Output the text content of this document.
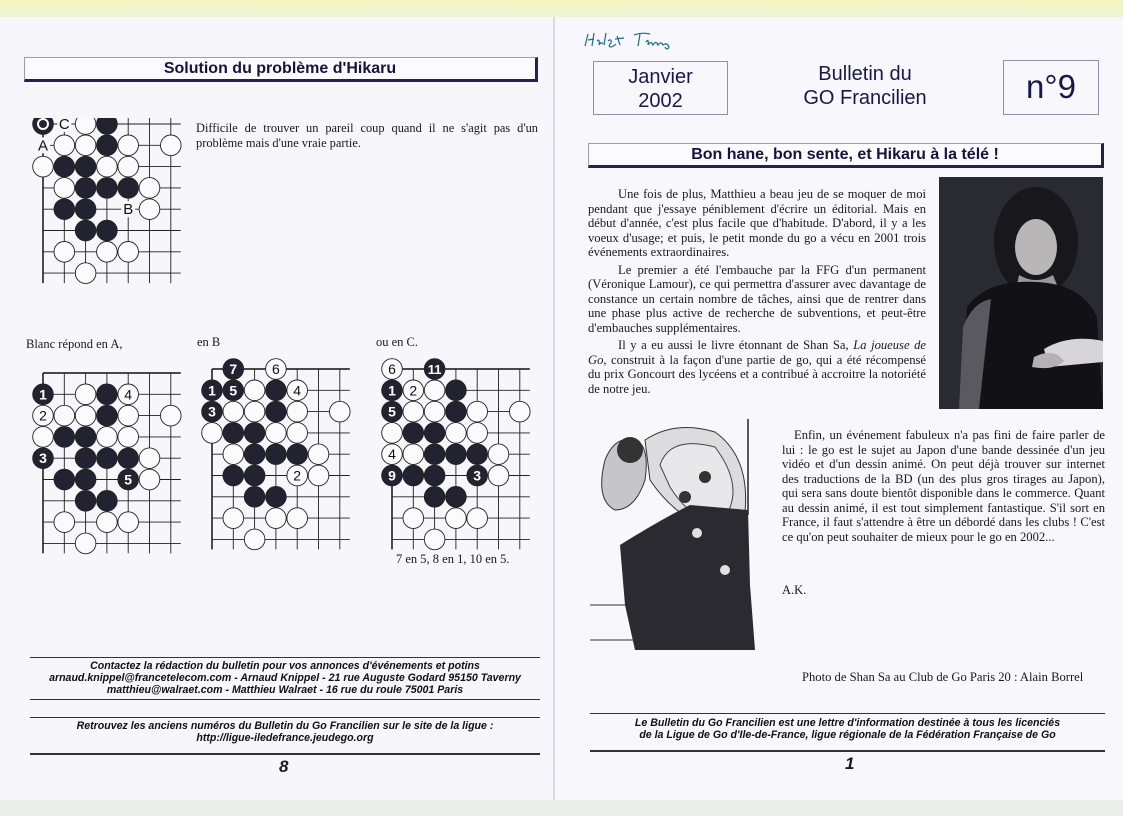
Solution du problème d'Hikaru
C
A
B
Difficile de trouver un pareil coup quand il ne s'agit pas d'un problème mais d'une vraie partie.
Blanc répond en A,	en B	ou en C.
1	4
2
3
5
7 6
1 5	4
3
2
6 11
1 2
5
4
9	3
7 en 5, 8 en 1, 10 en 5.
Contactez la rédaction du bulletin pour vos annonces d'événements et potins
arnaud.knippel@francetelecom.com - Arnaud Knippel - 21 rue Auguste Godard 95150 Taverny
matthieu@walraet.com - Matthieu Walraet - 16 rue du roule 75001 Paris
Retrouvez les anciens numéros du Bulletin du Go Francilien sur le site de la ligue :
http://ligue-iledefrance.jeudego.org
8
Janvier
2002
Bulletin du
GO Francilien	n°9
Bon hane, bon sente, et Hikaru à la télé !

Une fois de plus, Matthieu a beau jeu de se moquer de moi pendant que j'essaye péniblement d'écrire un éditorial. Mais en début d'année, c'est plus facile que d'habitude. D'abord, il y a les voeux d'usage; et puis, le petit monde du go a vécu en 2001 trois événements extraordinaires.

Le premier a été l'embauche par la FFG d'un permanent (Véronique Lamour), ce qui permettra d'assurer avec davantage de constance un certain nombre de tâches, ainsi que de rentrer dans une phase plus active de recherche de subventions, et peut-être d'embauches supplémentaires.

Il y a eu aussi le livre étonnant de Shan Sa, La joueuse de Go, construit à la façon d'une partie de go, qui a été récompensé du prix Goncourt des lycéens et a contribué à accroitre la notoriété de notre jeu.

Enfin, un événement fabuleux n'a pas fini de faire parler de lui : le go est le sujet au Japon d'une bande dessinée d'un jeu vidéo et d'un dessin animé. On peut déjà trouver sur internet des traductions de la BD (un des plus gros tirages au Japon), qui sera sans doute bientôt disponible dans le commerce. Quant au dessin animé, il est tout simplement fantastique. S'il sort en France, il faut s'attendre à être un débordé dans les clubs ! C'est ce qu'on peut souhaiter de mieux pour le go en 2002...
A.K.
Photo de Shan Sa au Club de Go Paris 20 : Alain Borrel
Le Bulletin du Go Francilien est une lettre d'information destinée à tous les licenciés
de la Ligue de Go d'Ile-de-France, ligue régionale de la Fédération Française de Go
1
